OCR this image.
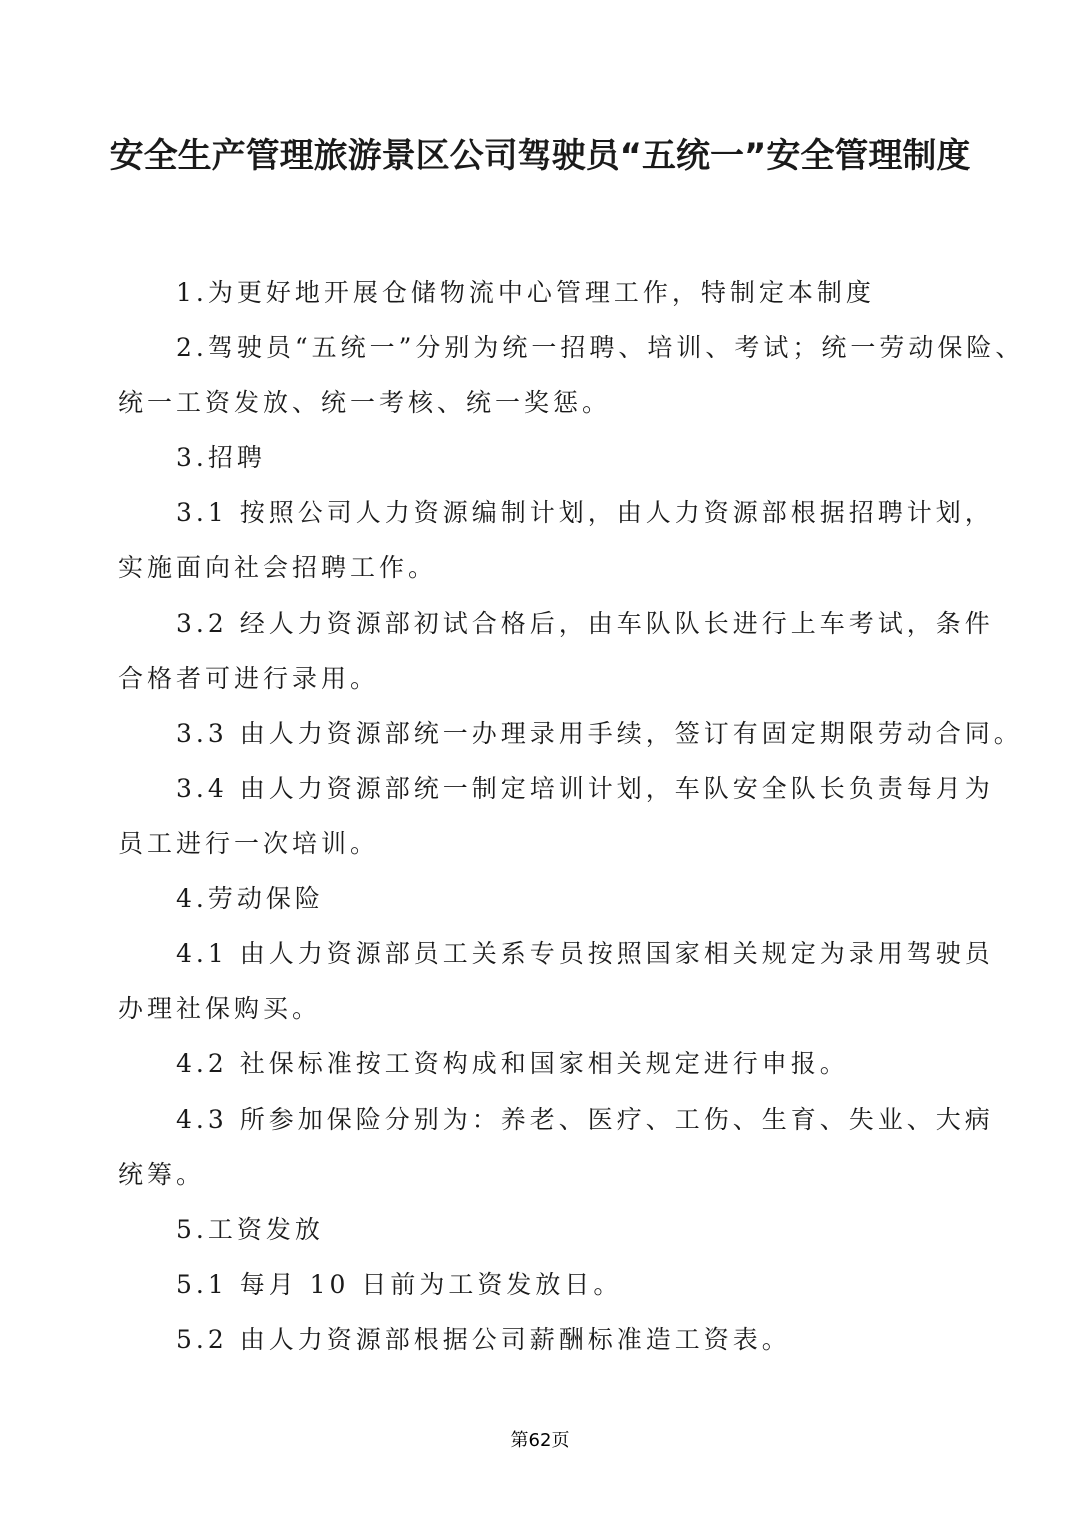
安全生产管理旅游景区公司驾驶员“五统一”安全管理制度
1.为更好地开展仓储物流中心管理工作，特制定本制度
2.驾驶员“五统一”分别为统一招聘、培训、考试；统一劳动保险、
统一工资发放、统一考核、统一奖惩。
3.招聘
3.1 按照公司人力资源编制计划，由人力资源部根据招聘计划，
实施面向社会招聘工作。
3.2 经人力资源部初试合格后，由车队队长进行上车考试，条件
合格者可进行录用。
3.3 由人力资源部统一办理录用手续，签订有固定期限劳动合同。
3.4 由人力资源部统一制定培训计划，车队安全队长负责每月为
员工进行一次培训。
4.劳动保险
4.1 由人力资源部员工关系专员按照国家相关规定为录用驾驶员
办理社保购买。
4.2 社保标准按工资构成和国家相关规定进行申报。
4.3 所参加保险分别为：养老、医疗、工伤、生育、失业、大病
统筹。
5.工资发放
5.1 每月 10 日前为工资发放日。
5.2 由人力资源部根据公司薪酬标准造工资表。
第62页
